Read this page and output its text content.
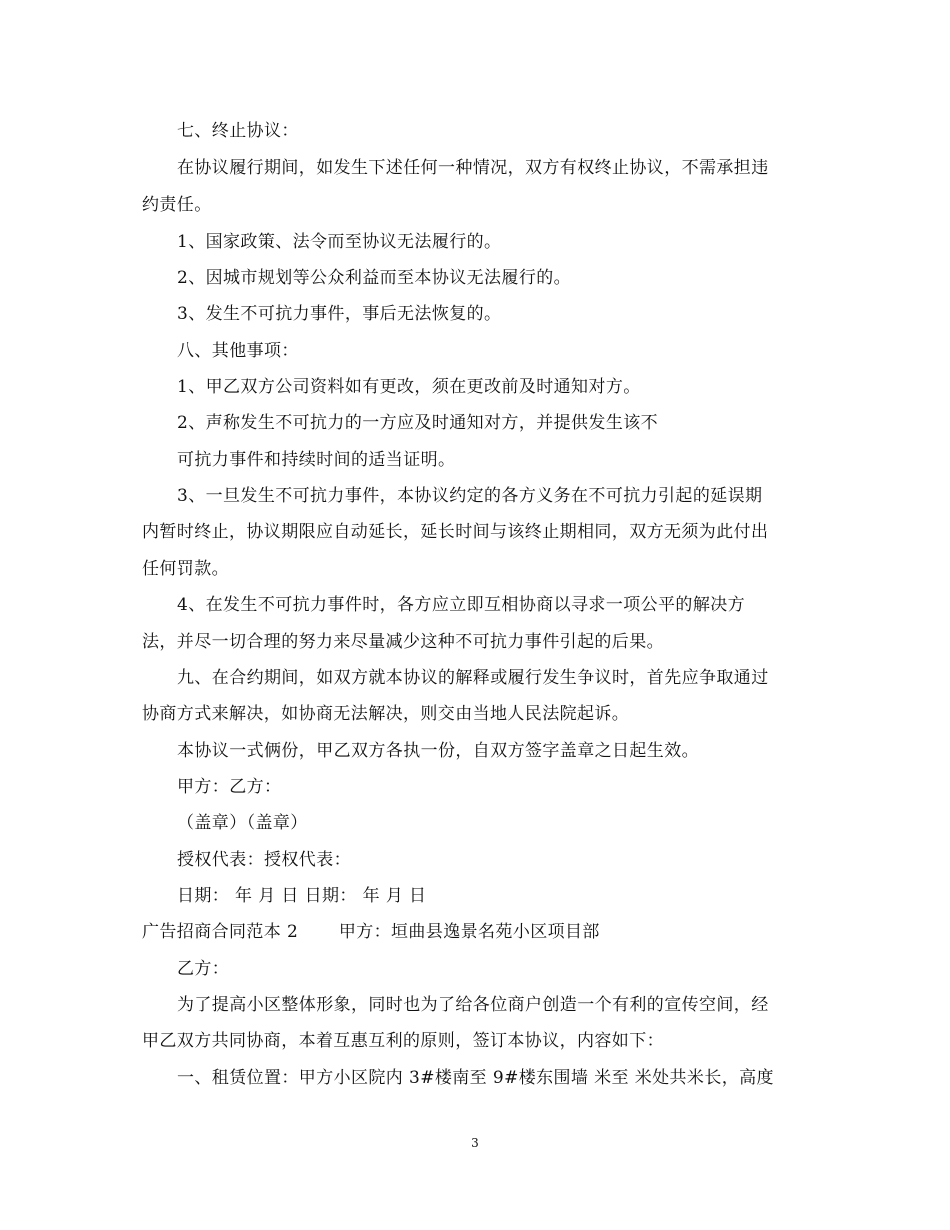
七、终止协议：
在协议履行期间，如发生下述任何一种情况，双方有权终止协议，不需承担违
约责任。
1、国家政策、法令而至协议无法履行的。
2、因城市规划等公众利益而至本协议无法履行的。
3、发生不可抗力事件，事后无法恢复的。
八、其他事项：
1、甲乙双方公司资料如有更改，须在更改前及时通知对方。
2、声称发生不可抗力的一方应及时通知对方，并提供发生该不
可抗力事件和持续时间的适当证明。
3、一旦发生不可抗力事件，本协议约定的各方义务在不可抗力引起的延误期
内暂时终止，协议期限应自动延长，延长时间与该终止期相同，双方无须为此付出
任何罚款。
4、在发生不可抗力事件时，各方应立即互相协商以寻求一项公平的解决方
法，并尽一切合理的努力来尽量减少这种不可抗力事件引起的后果。
九、在合约期间，如双方就本协议的解释或履行发生争议时，首先应争取通过
协商方式来解决，如协商无法解决，则交由当地人民法院起诉。
本协议一式俩份，甲乙双方各执一份，自双方签字盖章之日起生效。
甲方：乙方：
（盖章）（盖章）
授权代表：授权代表：
日期： 年 月 日 日期： 年 月 日
广告招商合同范本 2　　 甲方：垣曲县逸景名苑小区项目部
乙方：
为了提高小区整体形象，同时也为了给各位商户创造一个有利的宣传空间，经
甲乙双方共同协商，本着互惠互利的原则，签订本协议，内容如下：
一、租赁位置：甲方小区院内 3#楼南至 9#楼东围墙 米至 米处共米长，高度
3
